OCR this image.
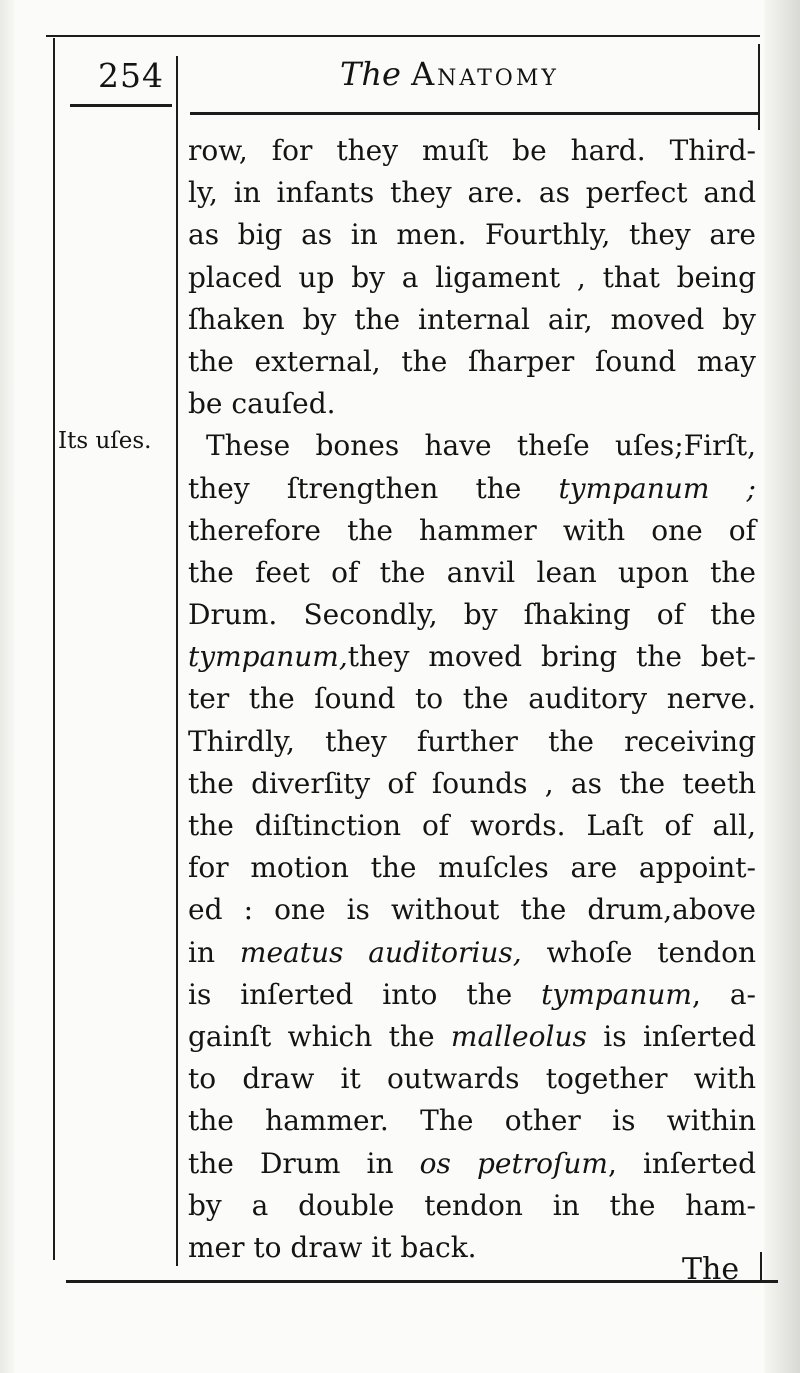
254	The Anatomy
Its uſes.
row, for they muſt be hard. Third-
ly, in infants they are. as perfect and
as big as in men. Fourthly, they are
placed up by a ligament , that being
ſhaken by the internal air, moved by
the external, the ſharper ſound may
be cauſed.
These bones have theſe uſes;Firſt,
they ſtrengthen the tympanum ;
therefore the hammer with one of
the feet of the anvil lean upon the
Drum. Secondly, by ſhaking of the
tympanum,they moved bring the bet-
ter the ſound to the auditory nerve.
Thirdly, they further the receiving
the diverſity of ſounds , as the teeth
the diſtinction of words. Laſt of all,
for motion the muſcles are appoint-
ed : one is without the drum,above
in meatus auditorius, whoſe tendon
is inſerted into the tympanum, a-
gainſt which the malleolus is inſerted
to draw it outwards together with
the hammer. The other is within
the Drum in os petroſum, inſerted
by a double tendon in the ham-
mer to draw it back.
The
